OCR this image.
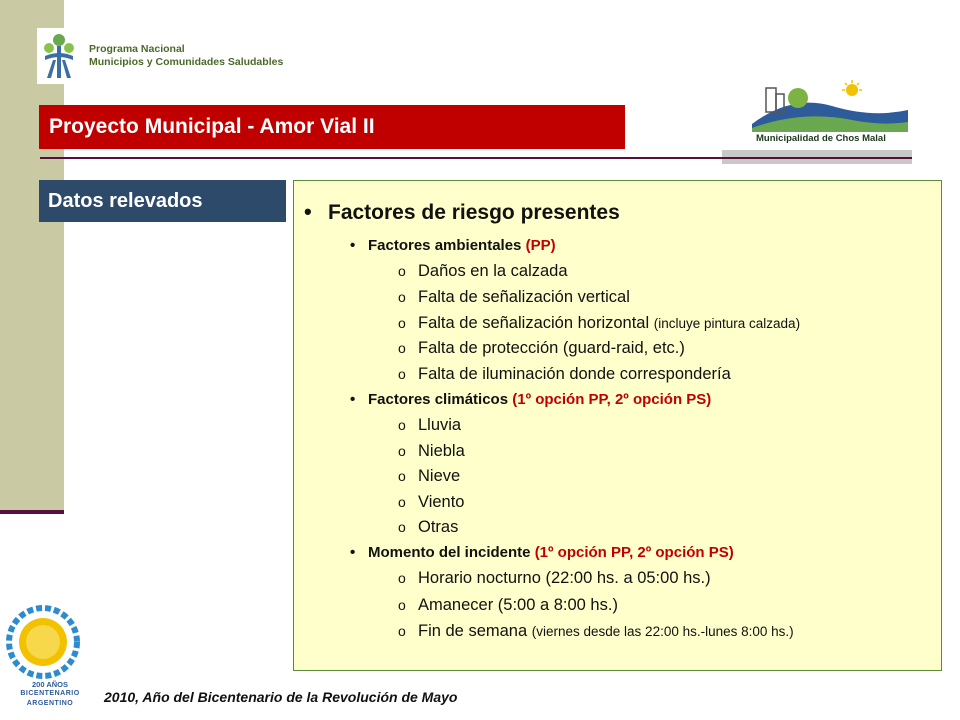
Programa Nacional
Municipios y Comunidades Saludables
Municipalidad de Chos Malal
Proyecto Municipal - Amor Vial II
Datos relevados	• Factores de riesgo presentes
• Factores ambientales (PP)
o Daños en la calzada
o Falta de señalización vertical
o Falta de señalización horizontal (incluye pintura calzada)
o Falta de protección (guard-raid, etc.)
o Falta de iluminación donde correspondería
• Factores climáticos (1º opción PP, 2º opción PS)
o Lluvia
o Niebla
o Nieve
o Viento
o Otras
• Momento del incidente (1º opción PP, 2º opción PS)
o Horario nocturno (22:00 hs. a 05:00 hs.)
o Amanecer (5:00 a 8:00 hs.)
o Fin de semana (viernes desde las 22:00 hs.-lunes 8:00 hs.)
200 AÑOS
BICENTENARIO
ARGENTINO	2010, Año del Bicentenario de la Revolución de Mayo
